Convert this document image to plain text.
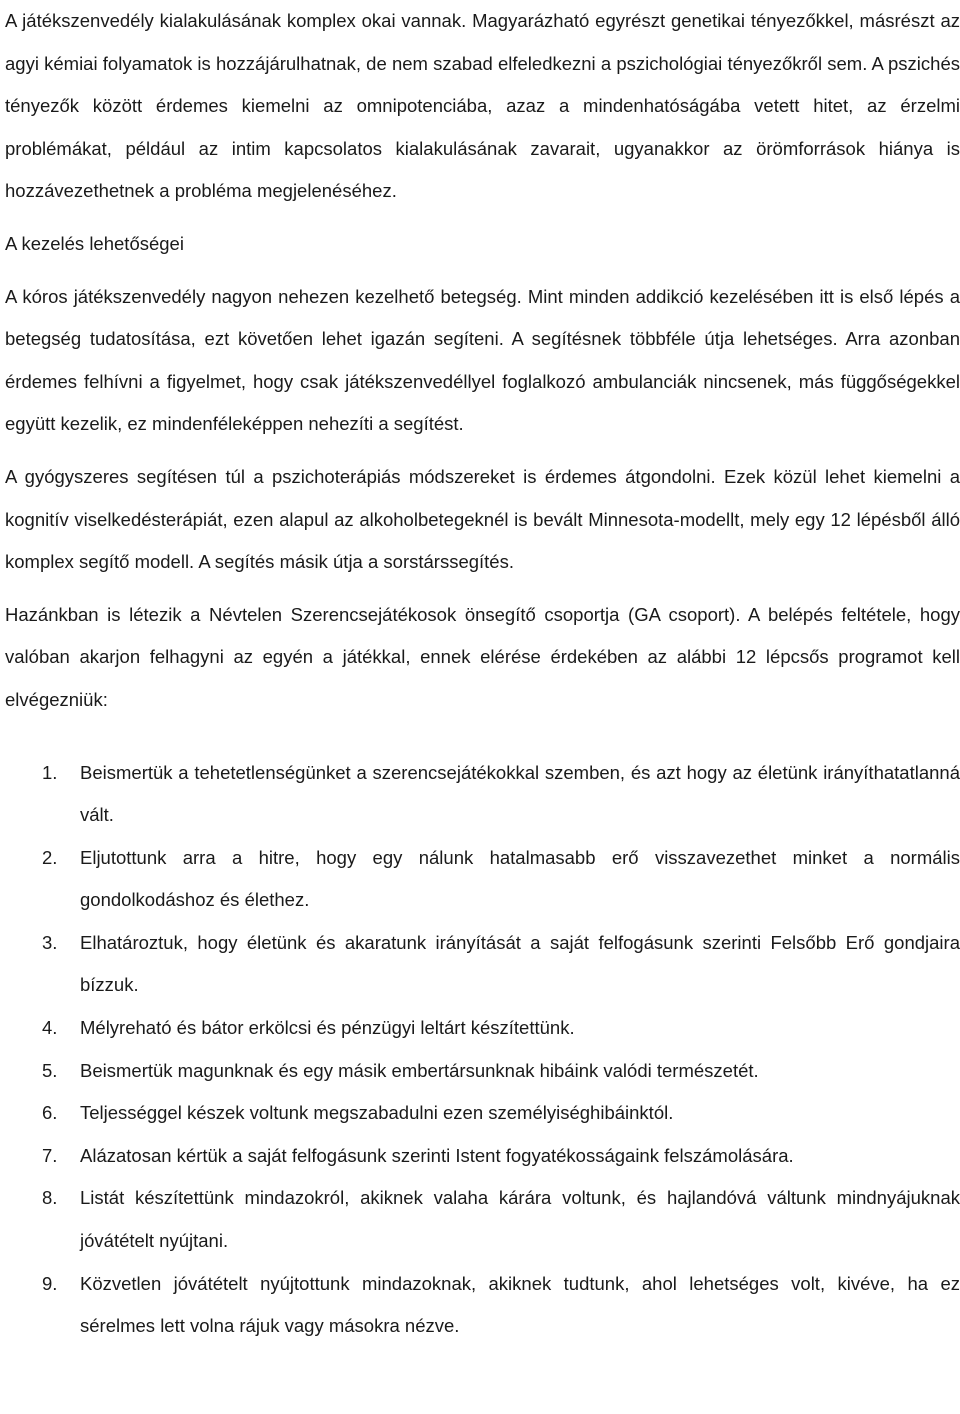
A játékszenvedély kialakulásának komplex okai vannak. Magyarázható egyrészt genetikai tényezőkkel, másrészt az agyi kémiai folyamatok is hozzájárulhatnak, de nem szabad elfeledkezni a pszichológiai tényezőkről sem. A pszichés tényezők között érdemes kiemelni az omnipotenciába, azaz a mindenhatóságába vetett hitet, az érzelmi problémákat, például az intim kapcsolatos kialakulásának zavarait, ugyanakkor az örömforrások hiánya is hozzávezethetnek a probléma megjelenéséhez.

A kezelés lehetőségei

A kóros játékszenvedély nagyon nehezen kezelhető betegség. Mint minden addikció kezelésében itt is első lépés a betegség tudatosítása, ezt követően lehet igazán segíteni. A segítésnek többféle útja lehetséges. Arra azonban érdemes felhívni a figyelmet, hogy csak játékszenvedéllyel foglalkozó ambulanciák nincsenek, más függőségekkel együtt kezelik, ez mindenféleképpen nehezíti a segítést.

A gyógyszeres segítésen túl a pszichoterápiás módszereket is érdemes átgondolni. Ezek közül lehet kiemelni a kognitív viselkedésterápiát, ezen alapul az alkoholbetegeknél is bevált Minnesota-modellt, mely egy 12 lépésből álló komplex segítő modell. A segítés másik útja a sorstárssegítés.

Hazánkban is létezik a Névtelen Szerencsejátékosok önsegítő csoportja (GA csoport). A belépés feltétele, hogy valóban akarjon felhagyni az egyén a játékkal, ennek elérése érdekében az alábbi 12 lépcsős programot kell elvégezniük:

1. Beismertük a tehetetlenségünket a szerencsejátékokkal szemben, és azt hogy az életünk irányíthatatlanná vált.
2. Eljutottunk arra a hitre, hogy egy nálunk hatalmasabb erő visszavezethet minket a normális gondolkodáshoz és élethez.
3. Elhatároztuk, hogy életünk és akaratunk irányítását a saját felfogásunk szerinti Felsőbb Erő gondjaira bízzuk.
4. Mélyreható és bátor erkölcsi és pénzügyi leltárt készítettünk.
5. Beismertük magunknak és egy másik embertársunknak hibáink valódi természetét.
6. Teljességgel készek voltunk megszabadulni ezen személyiséghibáinktól.
7. Alázatosan kértük a saját felfogásunk szerinti Istent fogyatékosságaink felszámolására.
8. Listát készítettünk mindazokról, akiknek valaha kárára voltunk, és hajlandóvá váltunk mindnyájuknak jóvátételt nyújtani.
9. Közvetlen jóvátételt nyújtottunk mindazoknak, akiknek tudtunk, ahol lehetséges volt, kivéve, ha ez sérelmes lett volna rájuk vagy másokra nézve.
